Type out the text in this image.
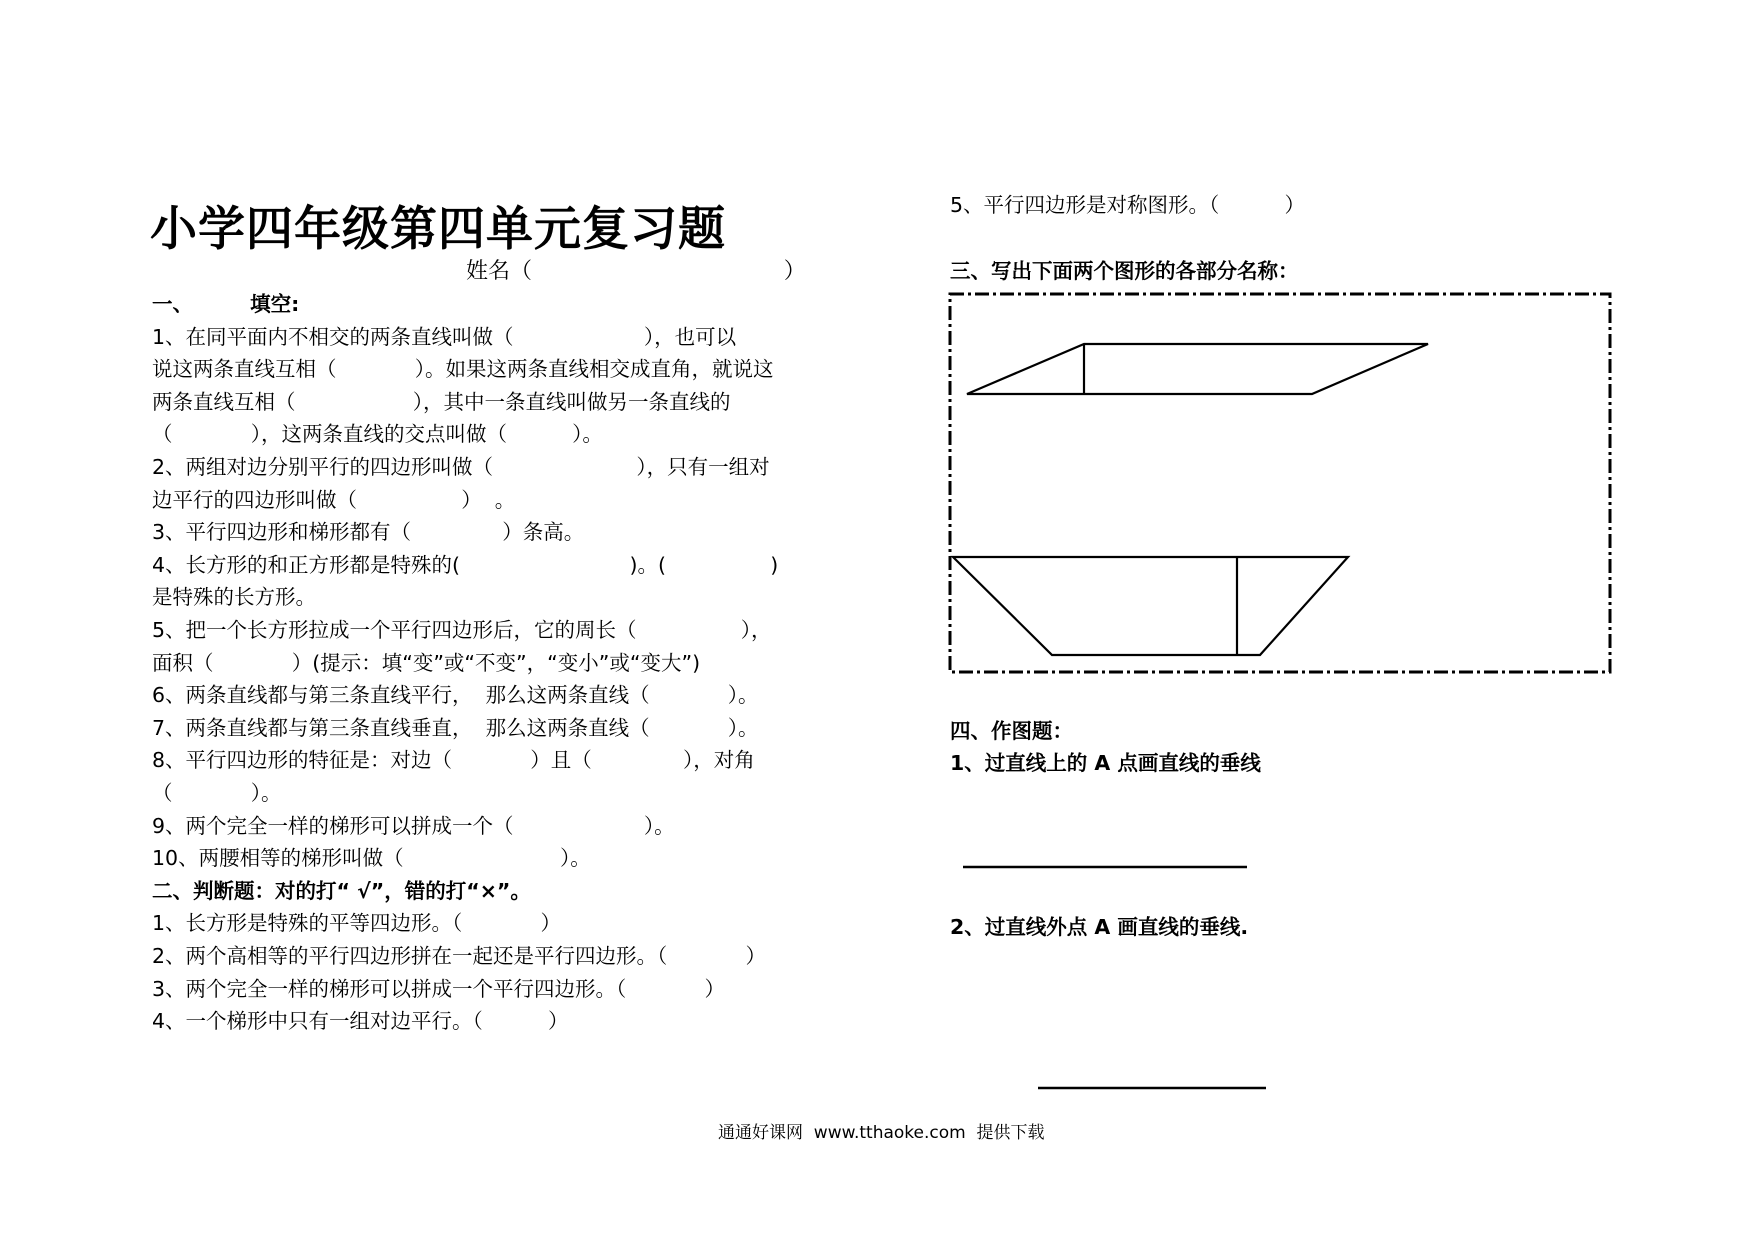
小学四年级第四单元复习题
姓名（                                    ）
一、        填空:
1、在同平面内不相交的两条直线叫做（                    ），也可以
说这两条直线互相（            ）。如果这两条直线相交成直角，就说这
两条直线互相（                  ），其中一条直线叫做另一条直线的
（            ），这两条直线的交点叫做（          ）。
2、两组对边分别平行的四边形叫做（                      ），只有一组对
边平行的四边形叫做（                ）  。
3、平行四边形和梯形都有（              ）条高。
4、长方形的和正方形都是特殊的(                          )。(                )
是特殊的长方形。
5、把一个长方形拉成一个平行四边形后，它的周长（                ），
面积（            ）(提示：填“变”或“不变”，“变小”或“变大”)
6、两条直线都与第三条直线平行，  那么这两条直线（            ）。
7、两条直线都与第三条直线垂直，  那么这两条直线（            ）。
8、平行四边形的特征是：对边（            ）且（              ），对角
（            ）。
9、两个完全一样的梯形可以拼成一个（                    ）。
10、两腰相等的梯形叫做（                        ）。
二、判断题：对的打“ √”，错的打“×”。
1、长方形是特殊的平等四边形。（            ）
2、两个高相等的平行四边形拼在一起还是平行四边形。（            ）
3、两个完全一样的梯形可以拼成一个平行四边形。（            ）
4、一个梯形中只有一组对边平行。（          ）
5、平行四边形是对称图形。（          ）
三、写出下面两个图形的各部分名称：
四、作图题：
1、过直线上的 A 点画直线的垂线
2、过直线外点 A 画直线的垂线.
通通好课网  www.tthaoke.com  提供下载
